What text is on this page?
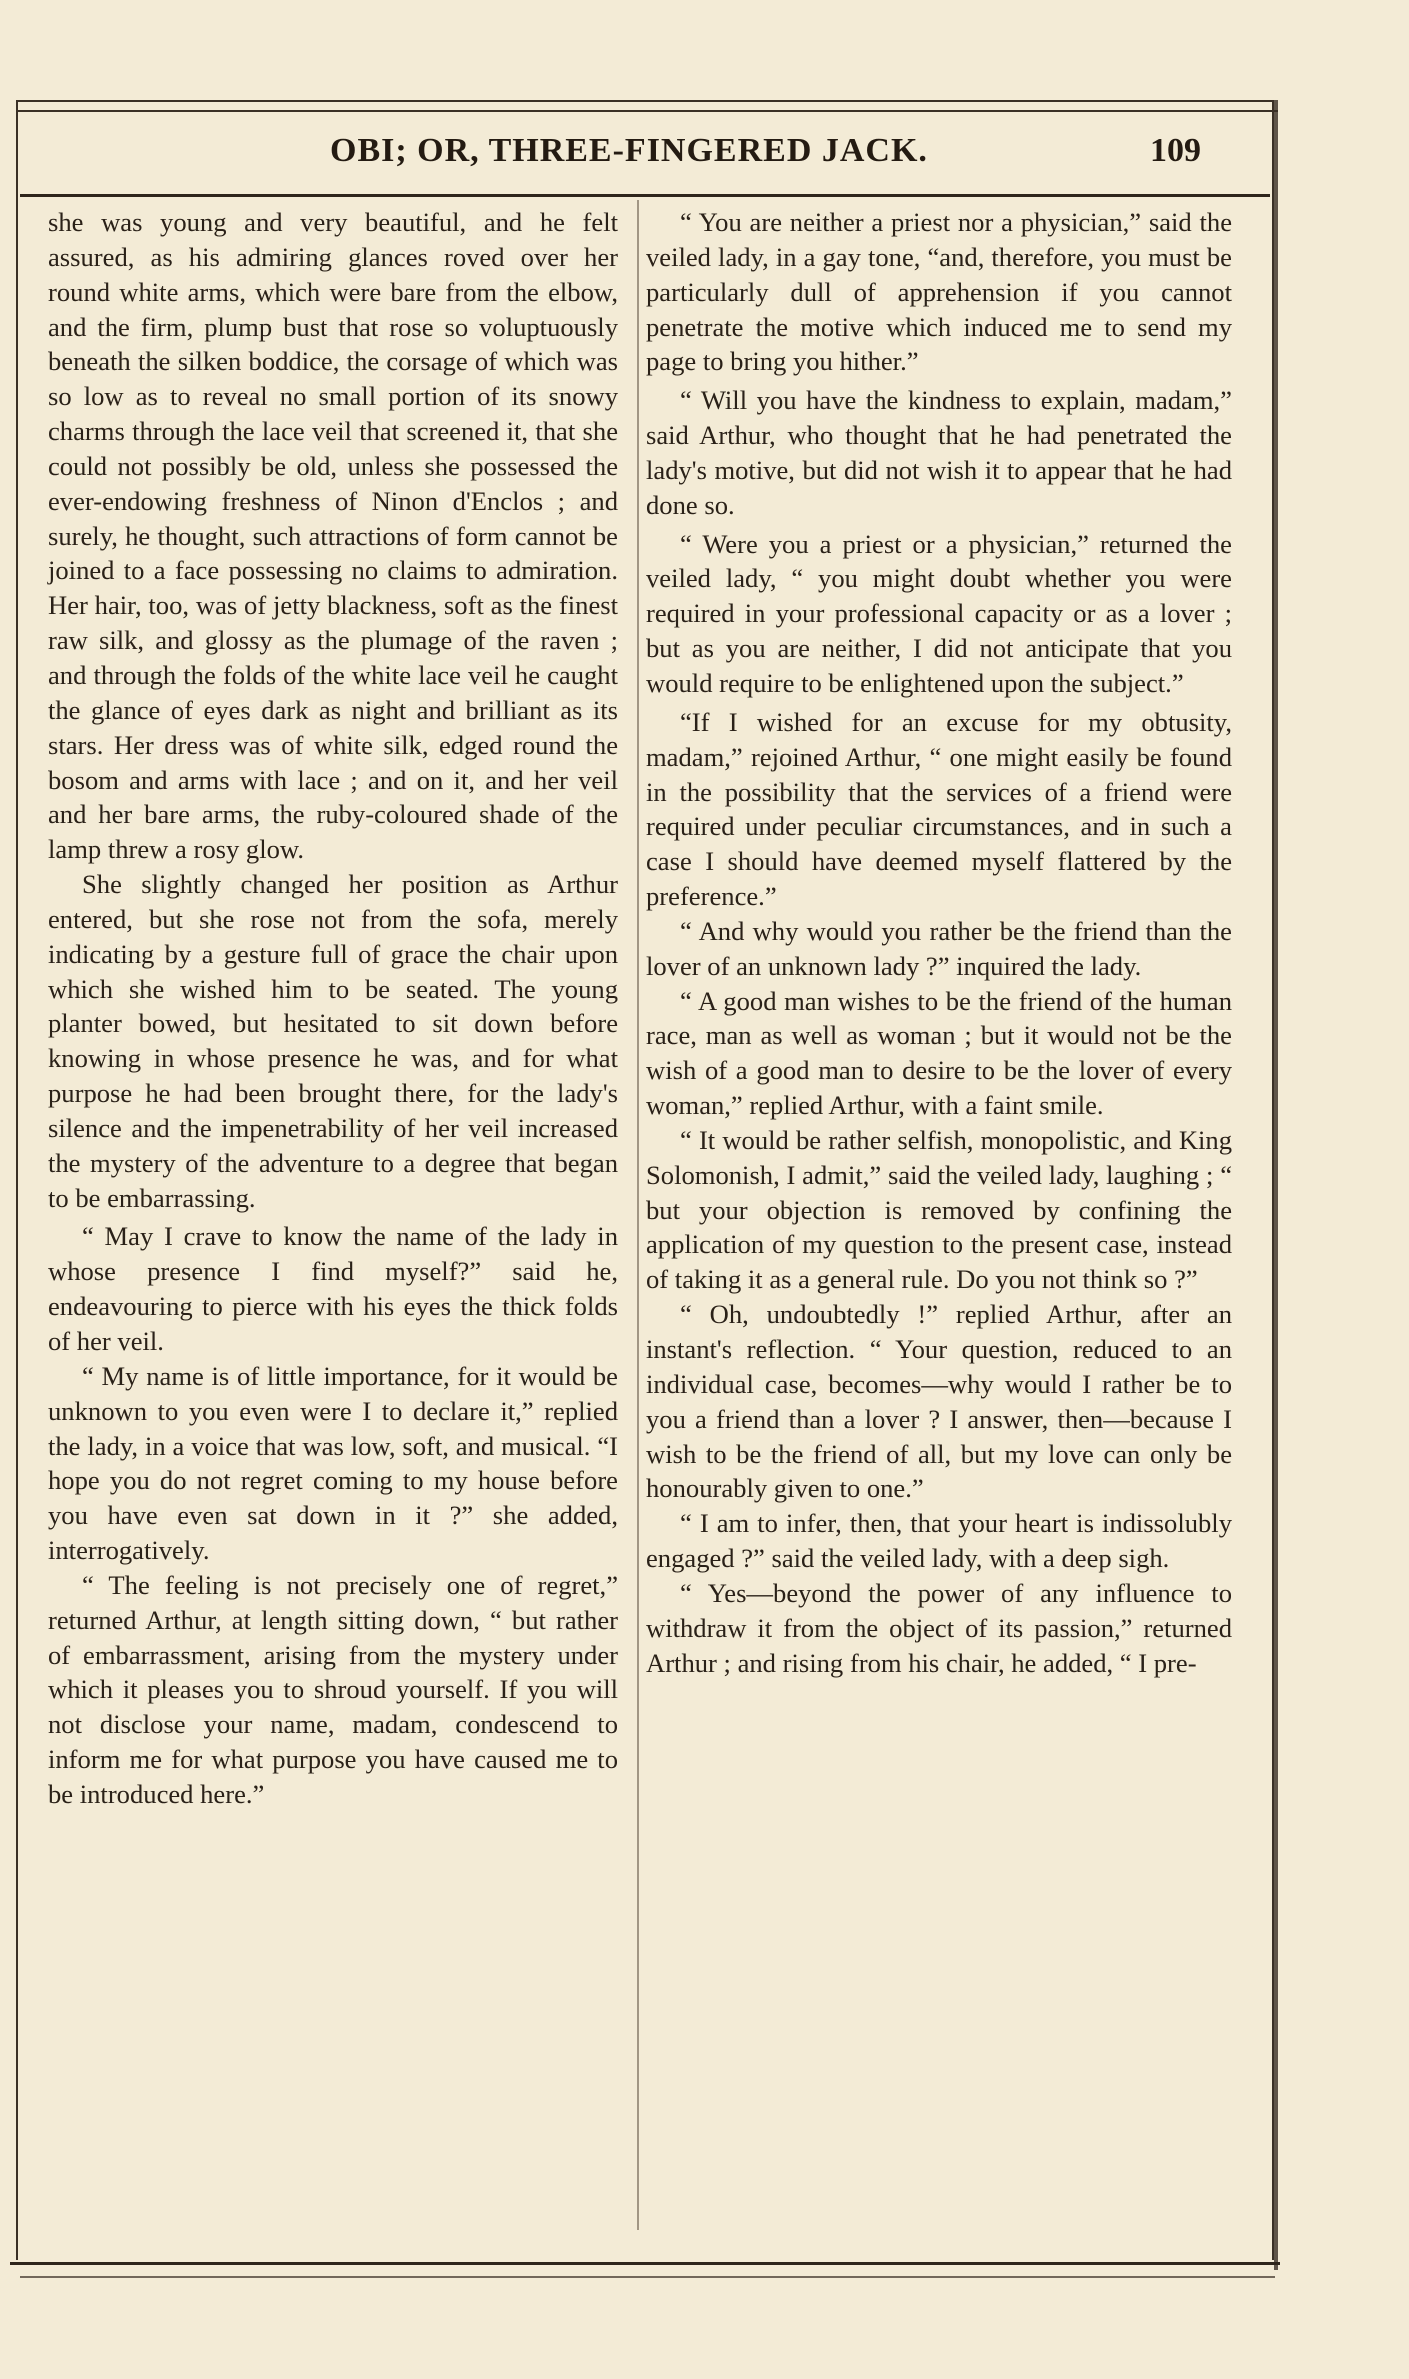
OBI; OR, THREE-FINGERED JACK.	109

she was young and very beautiful, and he felt assured, as his admiring glances roved over her round white arms, which were bare from the elbow, and the firm, plump bust that rose so voluptuously beneath the silken boddice, the corsage of which was so low as to reveal no small portion of its snowy charms through the lace veil that screened it, that she could not possibly be old, unless she possessed the ever-endowing freshness of Ninon d'Enclos ; and surely, he thought, such attractions of form cannot be joined to a face possessing no claims to admiration. Her hair, too, was of jetty blackness, soft as the finest raw silk, and glossy as the plumage of the raven ; and through the folds of the white lace veil he caught the glance of eyes dark as night and brilliant as its stars. Her dress was of white silk, edged round the bosom and arms with lace ; and on it, and her veil and her bare arms, the ruby-coloured shade of the lamp threw a rosy glow.

She slightly changed her position as Arthur entered, but she rose not from the sofa, merely indicating by a gesture full of grace the chair upon which she wished him to be seated. The young planter bowed, but hesitated to sit down before knowing in whose presence he was, and for what purpose he had been brought there, for the lady's silence and the impenetrability of her veil increased the mystery of the adventure to a degree that began to be embarrassing.

“ May I crave to know the name of the lady in whose presence I find myself?” said he, endeavouring to pierce with his eyes the thick folds of her veil.

“ My name is of little importance, for it would be unknown to you even were I to declare it,” replied the lady, in a voice that was low, soft, and musical. “I hope you do not regret coming to my house before you have even sat down in it ?” she added, interrogatively.

“ The feeling is not precisely one of regret,” returned Arthur, at length sitting down, “ but rather of embarrassment, arising from the mystery under which it pleases you to shroud yourself. If you will not disclose your name, madam, condescend to inform me for what purpose you have caused me to be introduced here.”

“ You are neither a priest nor a physician,” said the veiled lady, in a gay tone, “and, therefore, you must be particularly dull of apprehension if you cannot penetrate the motive which induced me to send my page to bring you hither.”

“ Will you have the kindness to explain, madam,” said Arthur, who thought that he had penetrated the lady's motive, but did not wish it to appear that he had done so.

“ Were you a priest or a physician,” returned the veiled lady, “ you might doubt whether you were required in your professional capacity or as a lover ; but as you are neither, I did not anticipate that you would require to be enlightened upon the subject.”

“If I wished for an excuse for my obtusity, madam,” rejoined Arthur, “ one might easily be found in the possibility that the services of a friend were required under peculiar circumstances, and in such a case I should have deemed myself flattered by the preference.”

“ And why would you rather be the friend than the lover of an unknown lady ?” inquired the lady.

“ A good man wishes to be the friend of the human race, man as well as woman ; but it would not be the wish of a good man to desire to be the lover of every woman,” replied Arthur, with a faint smile.

“ It would be rather selfish, monopolistic, and King Solomonish, I admit,” said the veiled lady, laughing ; “ but your objection is removed by confining the application of my question to the present case, instead of taking it as a general rule. Do you not think so ?”

“ Oh, undoubtedly !” replied Arthur, after an instant's reflection. “ Your question, reduced to an individual case, becomes—why would I rather be to you a friend than a lover ? I answer, then—because I wish to be the friend of all, but my love can only be honourably given to one.”

“ I am to infer, then, that your heart is indissolubly engaged ?” said the veiled lady, with a deep sigh.

“ Yes—beyond the power of any influence to withdraw it from the object of its passion,” returned Arthur ; and rising from his chair, he added, “ I pre-
